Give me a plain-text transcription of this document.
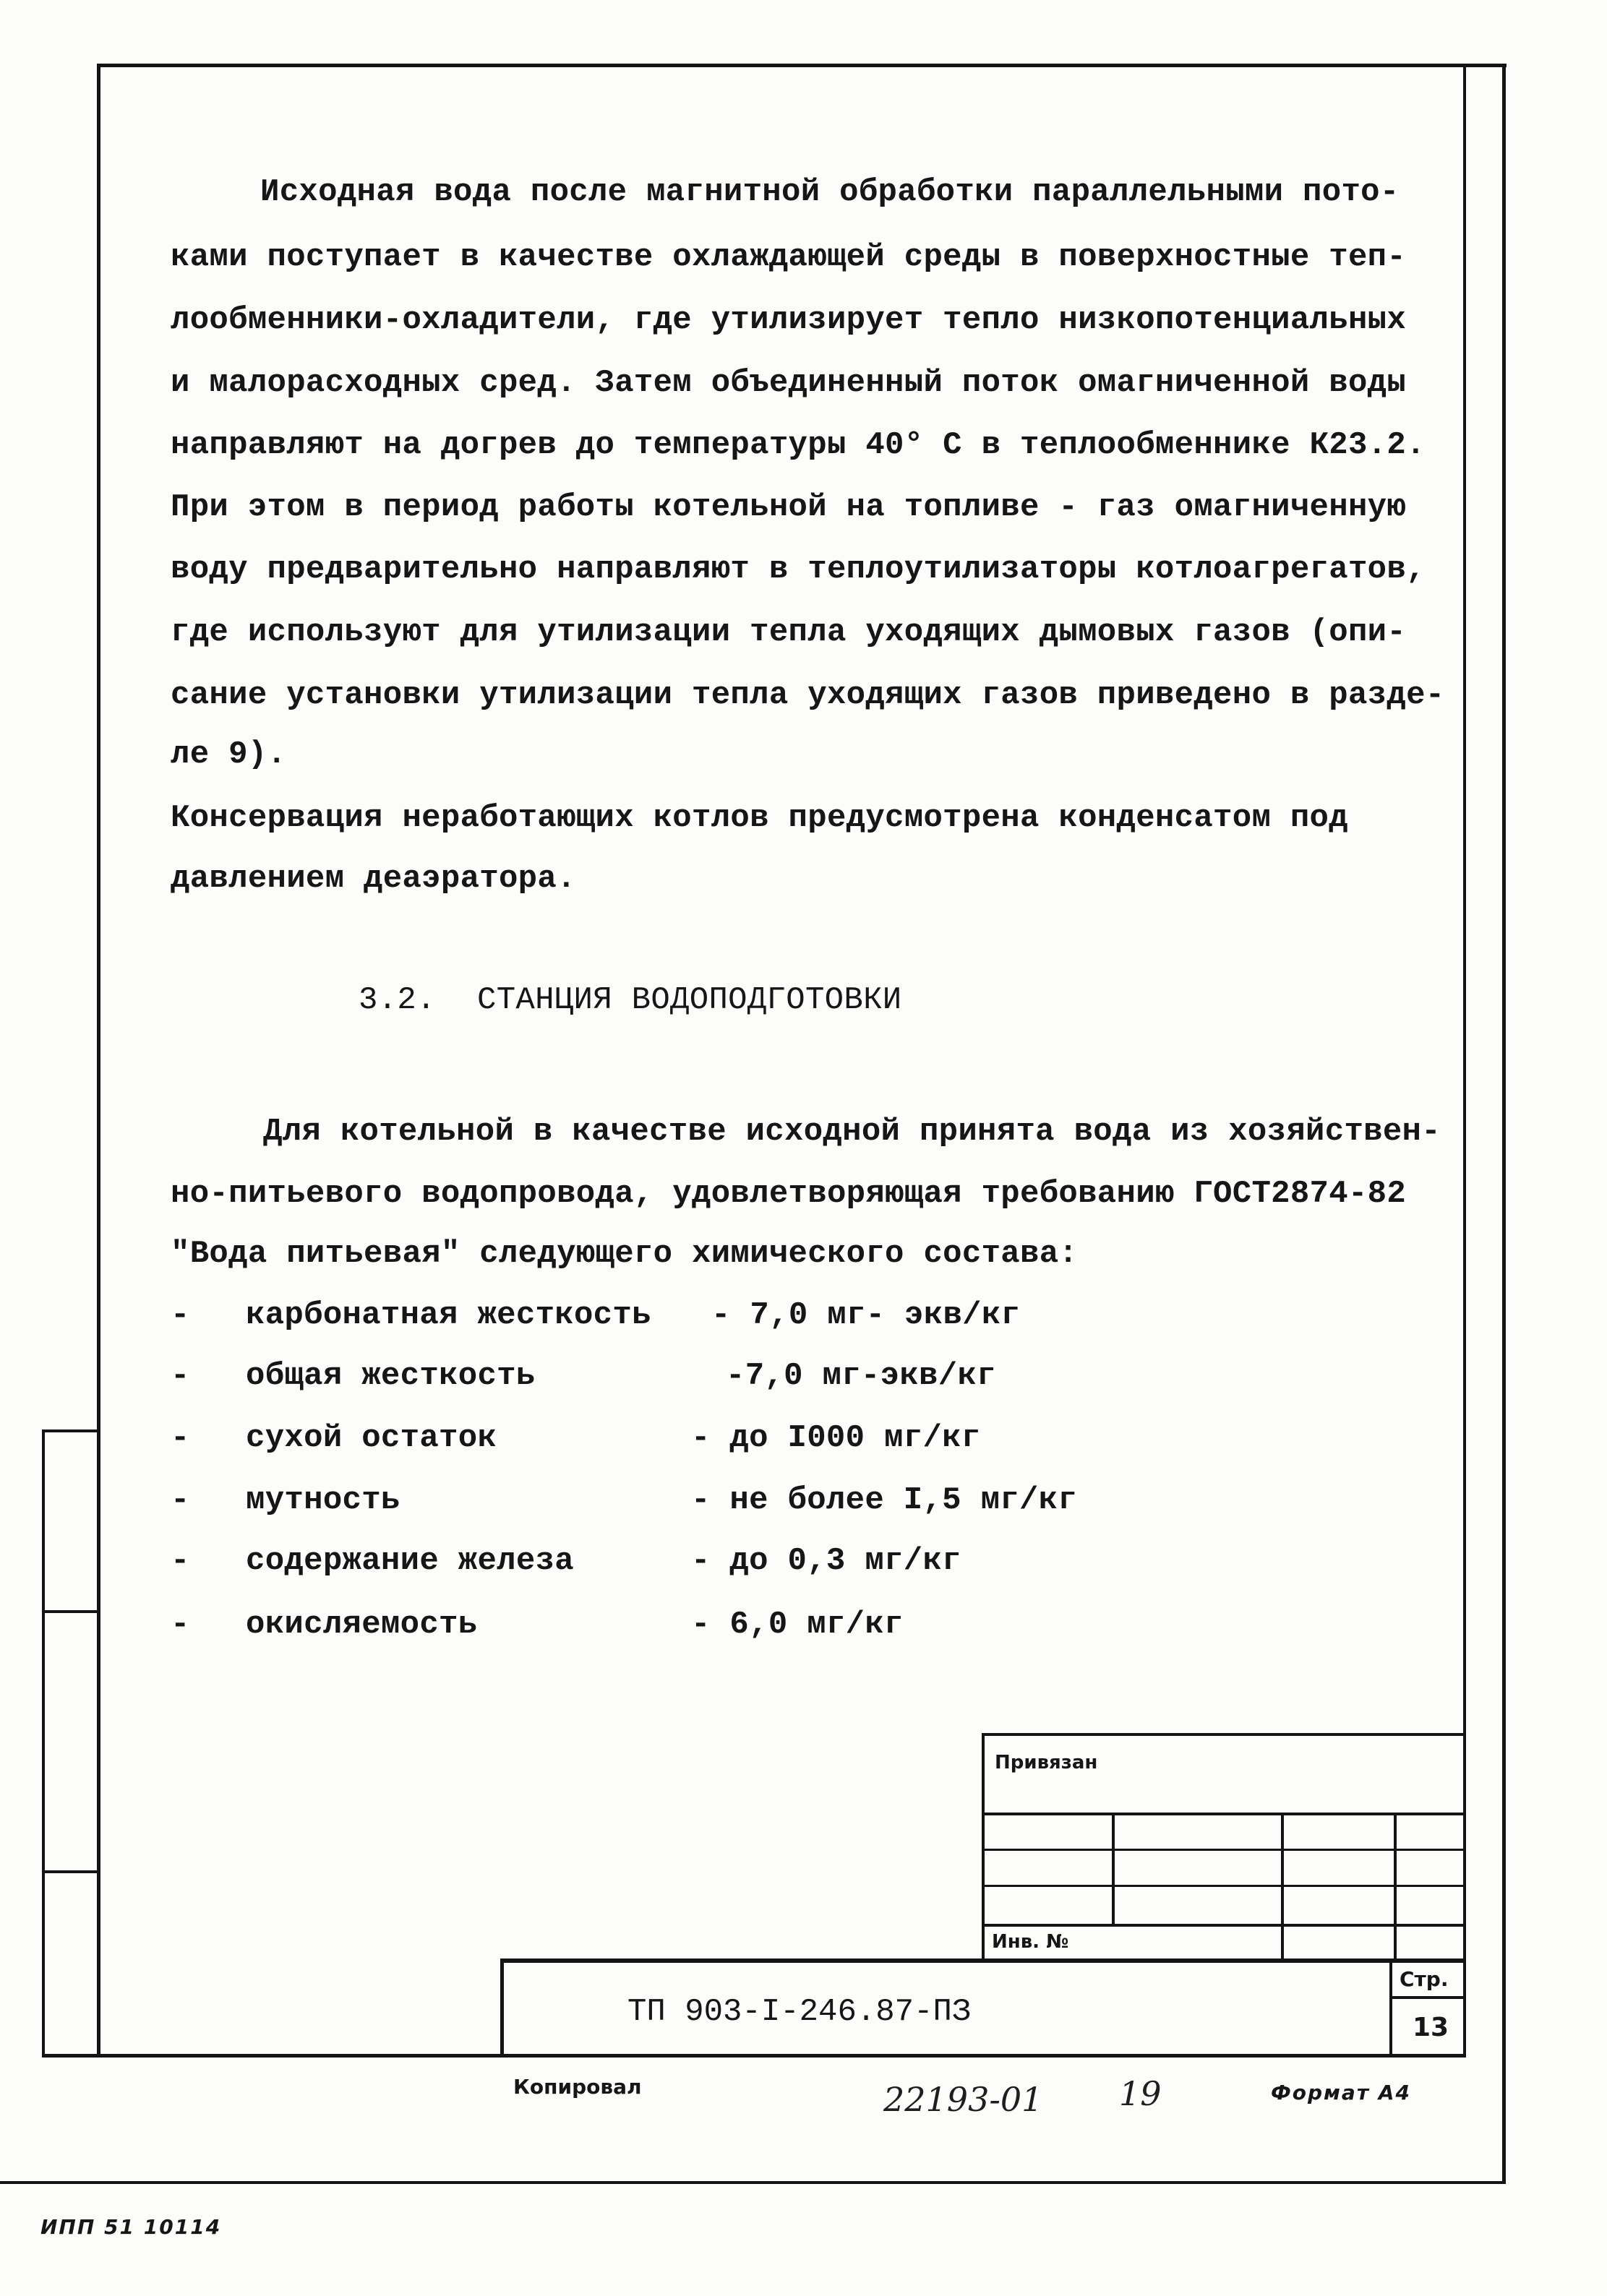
Исходная вода после магнитной обработки параллельными пото-
ками поступает в качестве охлаждающей среды в поверхностные теп-
лообменники-охладители, где утилизирует тепло низкопотенциальных
и малорасходных сред. Затем объединенный поток омагниченной воды
направляют на догрев до температуры 40° С в теплообменнике К23.2.
При этом в период работы котельной на топливе - газ омагниченную
воду предварительно направляют в теплоутилизаторы котлоагрегатов,
где используют для утилизации тепла уходящих дымовых газов (опи-
сание установки утилизации тепла уходящих газов приведено в разде-
ле 9).
Консервация неработающих котлов предусмотрена конденсатом под
давлением деаэратора.
3.2. СТАНЦИЯ ВОДОПОДГОТОВКИ
Для котельной в качестве исходной принята вода из хозяйствен-
но-питьевого водопровода, удовлетворяющая требованию ГОСТ2874-82
"Вода питьевая" следующего химического состава:
- карбонатная жесткость - 7,0 мг- экв/кг
- общая жесткость	-7,0 мг-экв/кг
- сухой остаток	- до I000 мг/кг
- мутность	- не более I,5 мг/кг
- содержание железа	- до 0,3 мг/кг
- окисляемость	- 6,0 мг/кг
Привязан
Инв. №
ТП 903-I-246.87-ПЗ
Стр.
13
Копировал	22193-01 19	Формат А4
ИПП 51 10114
